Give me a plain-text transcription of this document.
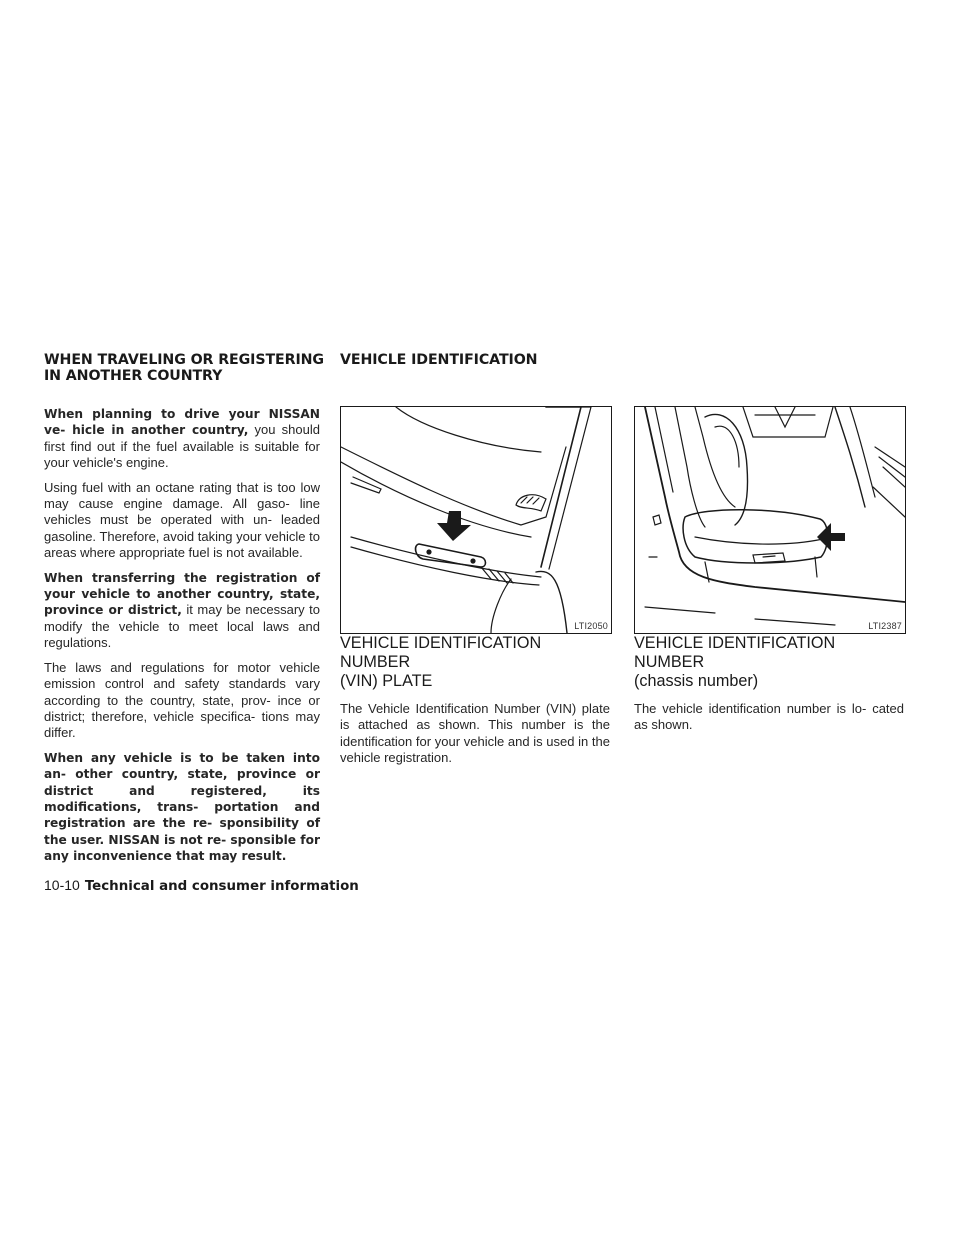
WHEN TRAVELING OR REGISTERING
IN ANOTHER COUNTRY
VEHICLE IDENTIFICATION

When planning to drive your NISSAN ve- hicle in another country, you should first find out if the fuel available is suitable for your vehicle's engine.

Using fuel with an octane rating that is too low may cause engine damage. All gaso- line vehicles must be operated with un- leaded gasoline. Therefore, avoid taking your vehicle to areas where appropriate fuel is not available.

When transferring the registration of your vehicle to another country, state, province or district, it may be necessary to modify the vehicle to meet local laws and regulations.

The laws and regulations for motor vehicle emission control and safety standards vary according to the country, state, prov- ince or district; therefore, vehicle specifica- tions may differ.

When any vehicle is to be taken into an- other country, state, province or district and registered, its modifications, trans- portation and registration are the re- sponsibility of the user. NISSAN is not re- sponsible for any inconvenience that may result.

LTI2050	LTI2387
VEHICLE IDENTIFICATION NUMBER
(VIN) PLATE

The Vehicle Identification Number (VIN) plate is attached as shown. This number is the identification for your vehicle and is used in the vehicle registration.

VEHICLE IDENTIFICATION NUMBER
(chassis number)

The vehicle identification number is lo- cated as shown.

10-10 Technical and consumer information
